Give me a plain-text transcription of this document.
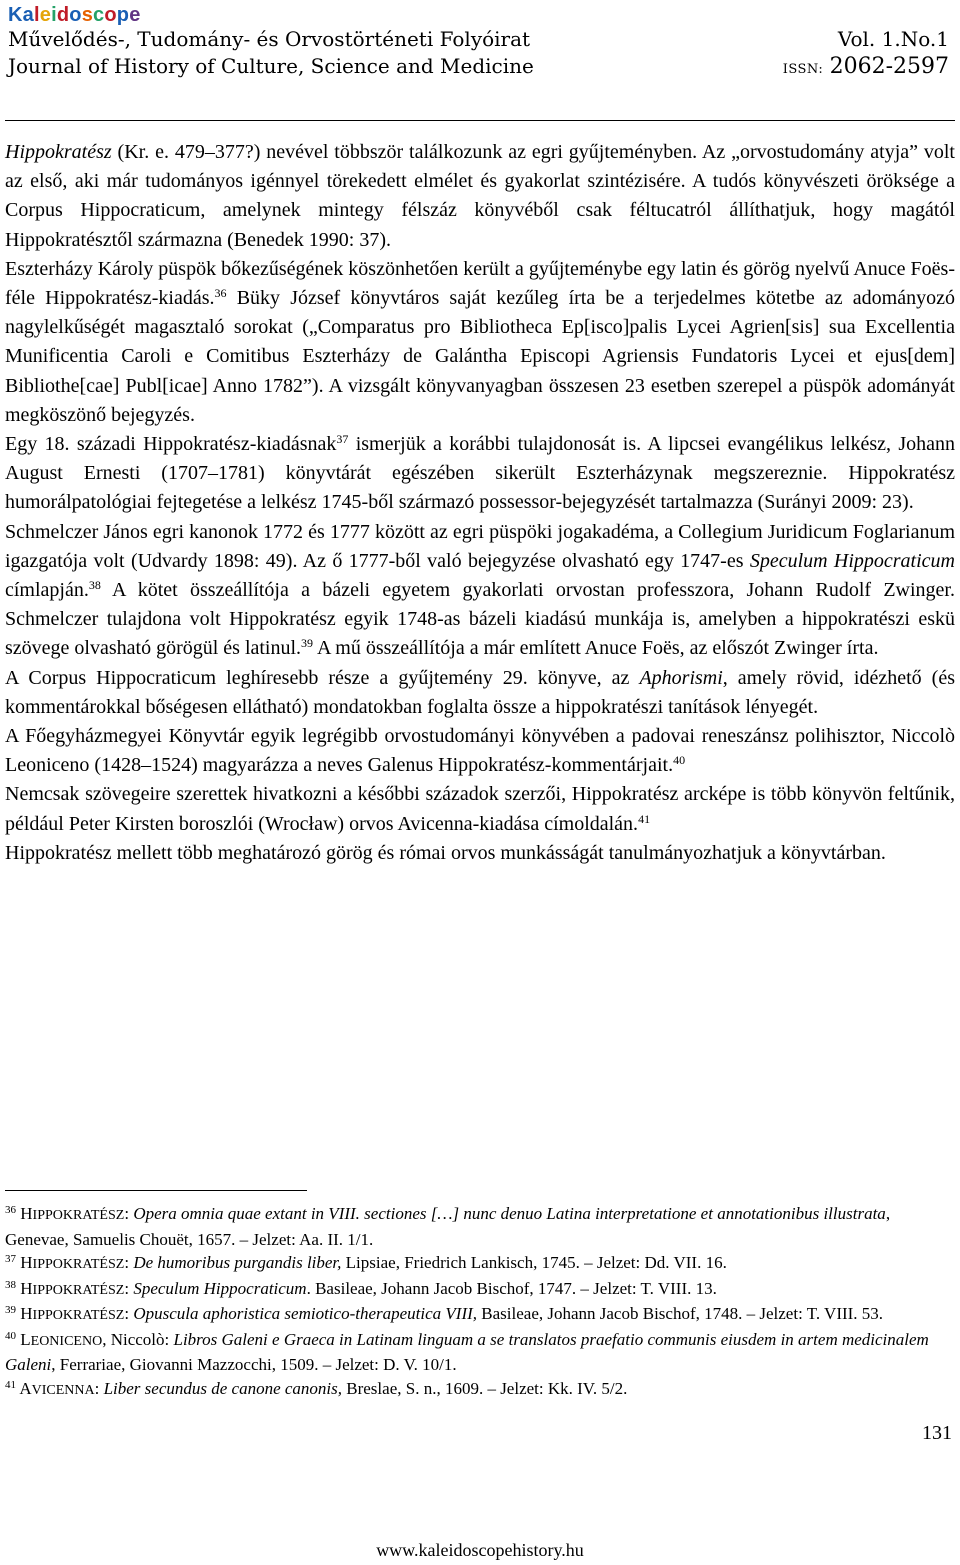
Kaleidoscope
Művelődés-, Tudomány- és Orvostörténeti Folyóirat	Vol. 1.No.1
Journal of History of Culture, Science and Medicine	ISSN: 2062-2597

Hippokratész (Kr. e. 479–377?) nevével többször találkozunk az egri gyűjteményben. Az „orvostudomány atyja” volt az első, aki már tudományos igénnyel törekedett elmélet és gyakorlat szintézisére. A tudós könyvészeti öröksége a Corpus Hippocraticum, amelynek mintegy félszáz könyvéből csak féltucatról állíthatjuk, hogy magától Hippokratésztől származna (Benedek 1990: 37).

Eszterházy Károly püspök bőkezűségének köszönhetően került a gyűjteménybe egy latin és görög nyelvű Anuce Foës-féle Hippokratész-kiadás.$^{36}$ Büky József könyvtáros saját kezűleg írta be a terjedelmes kötetbe az adományozó nagylelkűségét magasztaló sorokat („Comparatus pro Bibliotheca Ep[isco]palis Lycei Agrien[sis] sua Excellentia Munificentia Caroli e Comitibus Eszterházy de Galántha Episcopi Agriensis Fundatoris Lycei et ejus[dem] Bibliothe[cae] Publ[icae] Anno 1782”). A vizsgált könyvanyagban összesen 23 esetben szerepel a püspök adományát megköszönő bejegyzés.

Egy 18. századi Hippokratész-kiadásnak$^{37}$ ismerjük a korábbi tulajdonosát is. A lipcsei evangélikus lelkész, Johann August Ernesti (1707–1781) könyvtárát egészében sikerült Eszterházynak megszereznie. Hippokratész humorálpatológiai fejtegetése a lelkész 1745-ből származó possessor-bejegyzését tartalmazza (Surányi 2009: 23).

Schmelczer János egri kanonok 1772 és 1777 között az egri püspöki jogakadéma, a Collegium Juridicum Foglarianum igazgatója volt (Udvardy 1898: 49). Az ő 1777-ből való bejegyzése olvasható egy 1747-es Speculum Hippocraticum címlapján.$^{38}$ A kötet összeállítója a bázeli egyetem gyakorlati orvostan professzora, Johann Rudolf Zwinger. Schmelczer tulajdona volt Hippokratész egyik 1748-as bázeli kiadású munkája is, amelyben a hippokratészi eskü szövege olvasható görögül és latinul.$^{39}$ A mű összeállítója a már említett Anuce Foës, az előszót Zwinger írta.

A Corpus Hippocraticum leghíresebb része a gyűjtemény 29. könyve, az Aphorismi, amely rövid, idézhető (és kommentárokkal bőségesen ellátható) mondatokban foglalta össze a hippokratészi tanítások lényegét.

A Főegyházmegyei Könyvtár egyik legrégibb orvostudományi könyvében a padovai reneszánsz polihisztor, Niccolò Leoniceno (1428–1524) magyarázza a neves Galenus Hippokratész-kommentárjait.$^{40}$

Nemcsak szövegeire szerettek hivatkozni a későbbi századok szerzői, Hippokratész arcképe is több könyvön feltűnik, például Peter Kirsten boroszlói (Wrocław) orvos Avicenna-kiadása címoldalán.$^{41}$

Hippokratész mellett több meghatározó görög és római orvos munkásságát tanulmányozhatjuk a könyvtárban.

$^{36}$ HIPPOKRATÉSZ: Opera omnia quae extant in VIII. sectiones […] nunc denuo Latina interpretatione et annotationibus illustrata, Genevae, Samuelis Chouët, 1657. – Jelzet: Aa. II. 1/1.

$^{37}$ HIPPOKRATÉSZ: De humoribus purgandis liber, Lipsiae, Friedrich Lankisch, 1745. – Jelzet: Dd. VII. 16.

$^{38}$ HIPPOKRATÉSZ: Speculum Hippocraticum. Basileae, Johann Jacob Bischof, 1747. – Jelzet: T. VIII. 13.

$^{39}$ HIPPOKRATÉSZ: Opuscula aphoristica semiotico-therapeutica VIII, Basileae, Johann Jacob Bischof, 1748. – Jelzet: T. VIII. 53.

$^{40}$ LEONICENO, Niccolò: Libros Galeni e Graeca in Latinam linguam a se translatos praefatio communis eiusdem in artem medicinalem Galeni, Ferrariae, Giovanni Mazzocchi, 1509. – Jelzet: D. V. 10/1.

$^{41}$ AVICENNA: Liber secundus de canone canonis, Breslae, S. n., 1609. – Jelzet: Kk. IV. 5/2.

131
www.kaleidoscopehistory.hu
